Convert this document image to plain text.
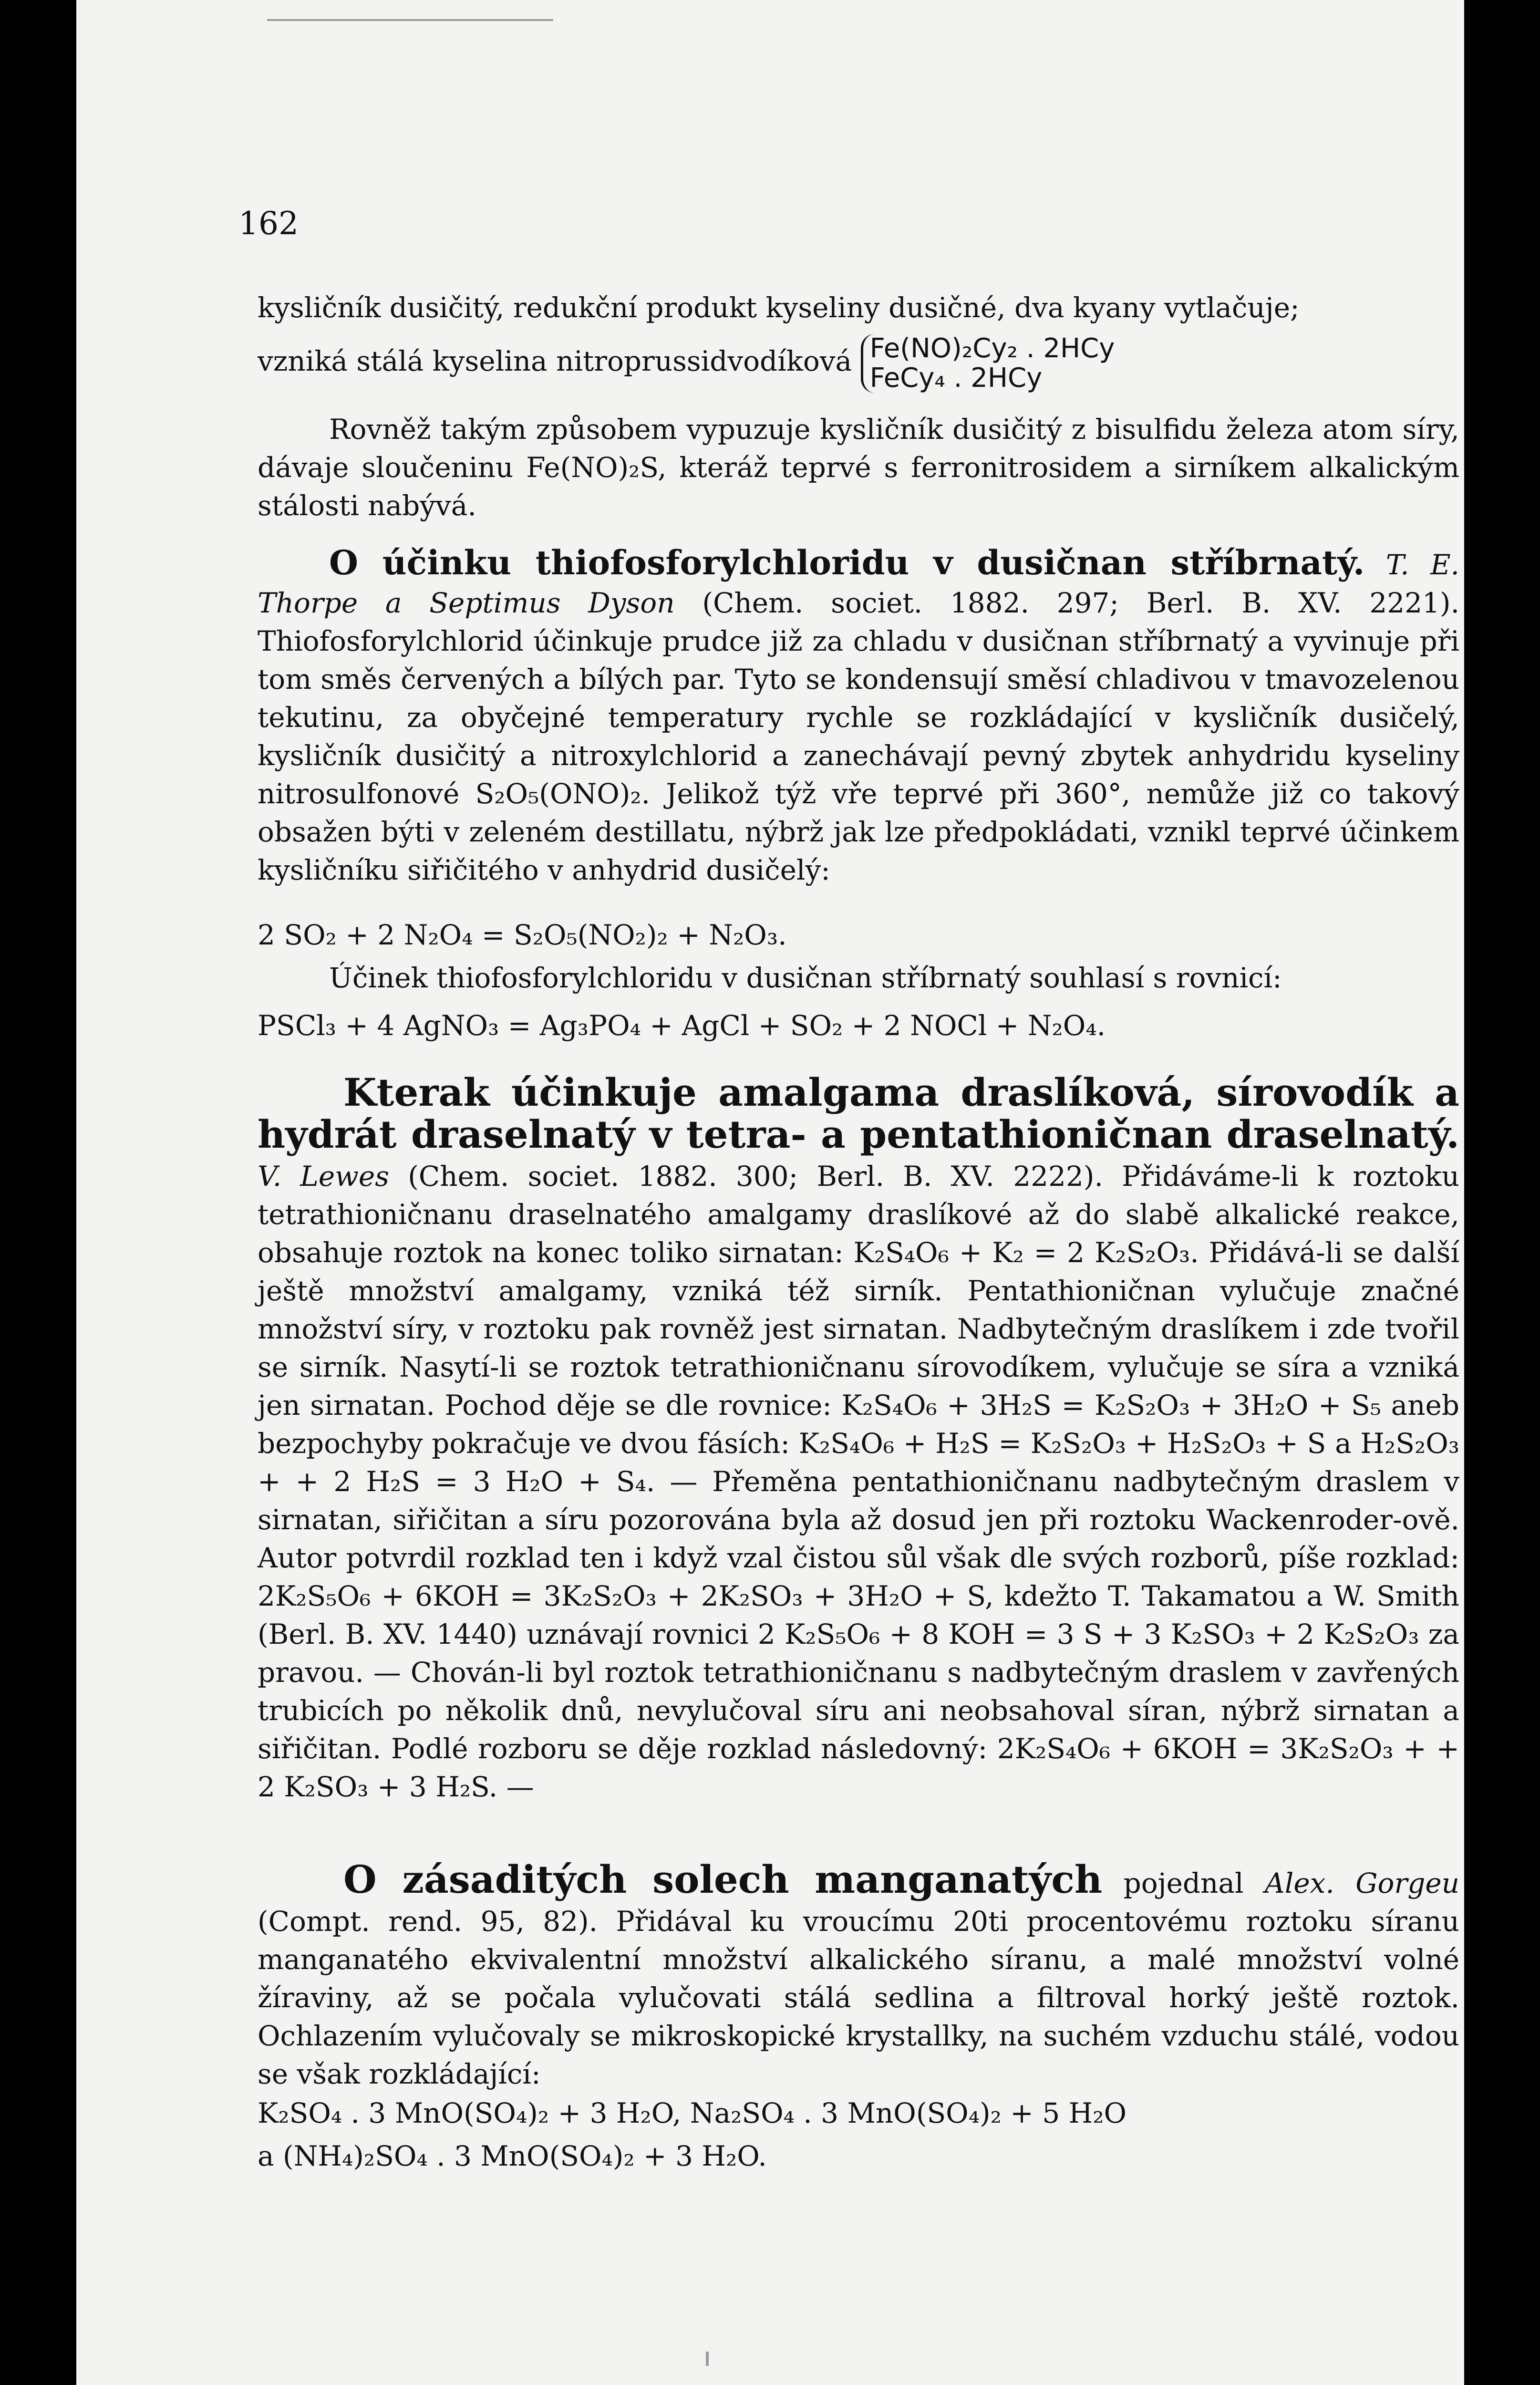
162

kysličník dusičitý, redukční produkt kyseliny dusičné, dva kyany vytlačuje;

vzniká stálá kyselina nitroprussidvodíková Fe(NO)₂Cy₂ . 2HCy
FeCy₄ . 2HCy

Rovněž takým způsobem vypuzuje kysličník dusičitý z bisulfidu železa atom síry, dávaje sloučeninu Fe(NO)₂S, kteráž teprvé s ferronitrosidem a sirníkem alkalickým stálosti nabývá.

O účinku thiofosforylchloridu v dusičnan stříbrnatý. T. E. Thorpe a Septimus Dyson (Chem. societ. 1882. 297; Berl. B. XV. 2221). Thiofosforylchlorid účinkuje prudce již za chladu v dusičnan stříbrnatý a vyvinuje při tom směs červených a bílých par. Tyto se kondensují směsí chladivou v tmavozelenou tekutinu, za obyčejné temperatury rychle se rozkládající v kysličník dusičelý, kysličník dusičitý a nitroxylchlorid a zanechávají pevný zbytek anhydridu kyseliny nitrosulfonové S₂O₅(ONO)₂. Jelikož týž vře teprvé při 360°, nemůže již co takový obsažen býti v zeleném destillatu, nýbrž jak lze předpokládati, vznikl teprvé účinkem kysličníku siřičitého v anhydrid dusičelý:

2 SO₂ + 2 N₂O₄ = S₂O₅(NO₂)₂ + N₂O₃.

Účinek thiofosforylchloridu v dusičnan stříbrnatý souhlasí s rovnicí:

PSCl₃ + 4 AgNO₃ = Ag₃PO₄ + AgCl + SO₂ + 2 NOCl + N₂O₄.

Kterak účinkuje amalgama draslíková, sírovodík a hydrát draselnatý v tetra- a pentathioničnan draselnatý. V. Lewes (Chem. societ. 1882. 300; Berl. B. XV. 2222). Přidáváme-li k roztoku tetrathioničnanu draselnatého amalgamy draslíkové až do slabě alkalické reakce, obsahuje roztok na konec toliko sirnatan: K₂S₄O₆ + K₂ = 2 K₂S₂O₃. Přidává-li se další ještě množství amalgamy, vzniká též sirník. Pentathioničnan vylučuje značné množství síry, v roztoku pak rovněž jest sirnatan. Nadbytečným draslíkem i zde tvořil se sirník. Nasytí-li se roztok tetrathioničnanu sírovodíkem, vylučuje se síra a vzniká jen sirnatan. Pochod děje se dle rovnice: K₂S₄O₆ + 3H₂S = K₂S₂O₃ + 3H₂O + S₅ aneb bezpochyby pokračuje ve dvou fásích: K₂S₄O₆ + H₂S = K₂S₂O₃ + H₂S₂O₃ + S a H₂S₂O₃ + + 2 H₂S = 3 H₂O + S₄. — Přeměna pentathioničnanu nadbytečným draslem v sirnatan, siřičitan a síru pozorována byla až dosud jen při roztoku Wackenroder-ově. Autor potvrdil rozklad ten i když vzal čistou sůl však dle svých rozborů, píše rozklad: 2K₂S₅O₆ + 6KOH = 3K₂S₂O₃ + 2K₂SO₃ + 3H₂O + S, kdežto T. Takamatou a W. Smith (Berl. B. XV. 1440) uznávají rovnici 2 K₂S₅O₆ + 8 KOH = 3 S + 3 K₂SO₃ + 2 K₂S₂O₃ za pravou. — Chován-li byl roztok tetrathioničnanu s nadbytečným draslem v zavřených trubicích po několik dnů, nevylučoval síru ani neobsahoval síran, nýbrž sirnatan a siřičitan. Podlé rozboru se děje rozklad následovný: 2K₂S₄O₆ + 6KOH = 3K₂S₂O₃ + + 2 K₂SO₃ + 3 H₂S. —
O zásaditých solech manganatých pojednal Alex. Gorgeu (Compt. rend. 95, 82). Přidával ku vroucímu 20ti procentovému roztoku síranu manganatého ekvivalentní množství alkalického síranu, a malé množství volné žíraviny, až se počala vylučovati stálá sedlina a filtroval horký ještě roztok. Ochlazením vylučovaly se mikroskopické krystallky, na suchém vzduchu stálé, vodou se však rozkládající:

K₂SO₄ . 3 MnO(SO₄)₂ + 3 H₂O, Na₂SO₄ . 3 MnO(SO₄)₂ + 5 H₂O

a (NH₄)₂SO₄ . 3 MnO(SO₄)₂ + 3 H₂O.
